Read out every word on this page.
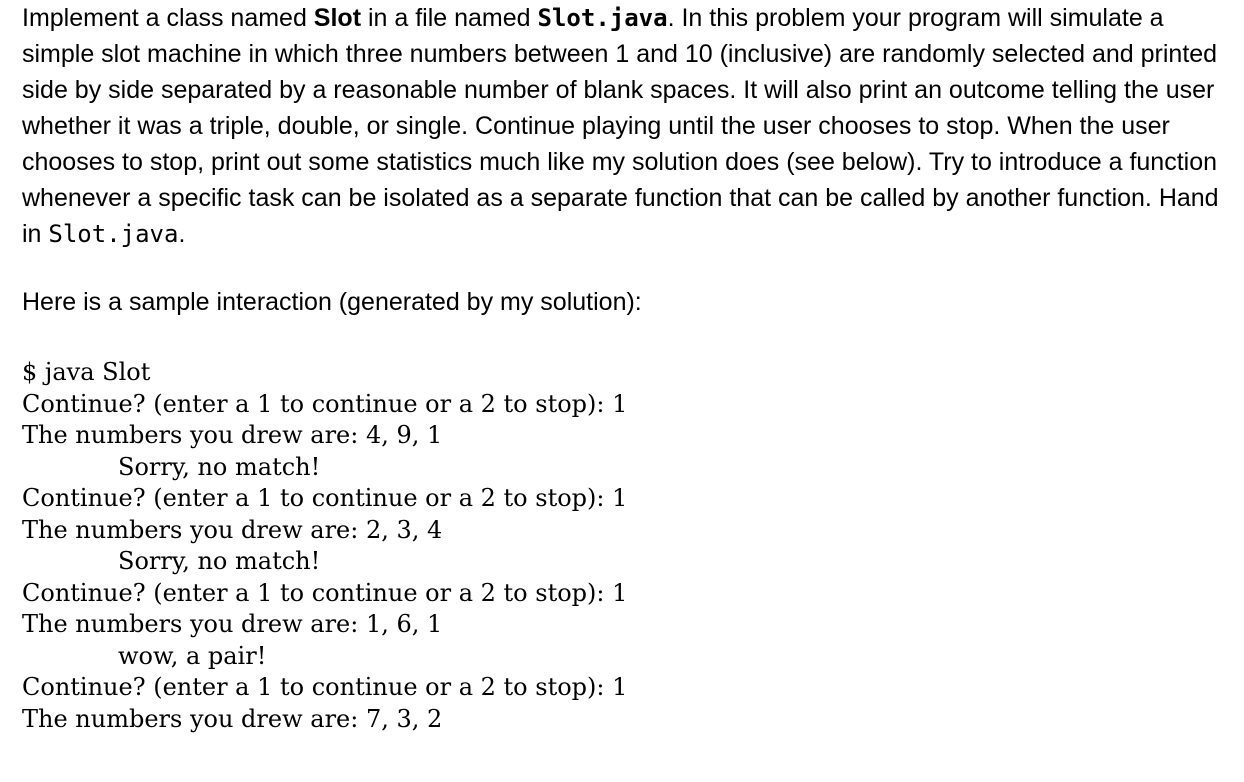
Implement a class named Slot in a file named Slot.java. In this problem your program will simulate a simple slot machine in which three numbers between 1 and 10 (inclusive) are randomly selected and printed side by side separated by a reasonable number of blank spaces. It will also print an outcome telling the user whether it was a triple, double, or single. Continue playing until the user chooses to stop. When the user chooses to stop, print out some statistics much like my solution does (see below). Try to introduce a function whenever a specific task can be isolated as a separate function that can be called by another function. Hand in Slot.java.

Here is a sample interaction (generated by my solution):

$ java Slot
Continue? (enter a 1 to continue or a 2 to stop): 1
The numbers you drew are: 4, 9, 1
Sorry, no match!
Continue? (enter a 1 to continue or a 2 to stop): 1
The numbers you drew are: 2, 3, 4
Sorry, no match!
Continue? (enter a 1 to continue or a 2 to stop): 1
The numbers you drew are: 1, 6, 1
wow, a pair!
Continue? (enter a 1 to continue or a 2 to stop): 1
The numbers you drew are: 7, 3, 2
